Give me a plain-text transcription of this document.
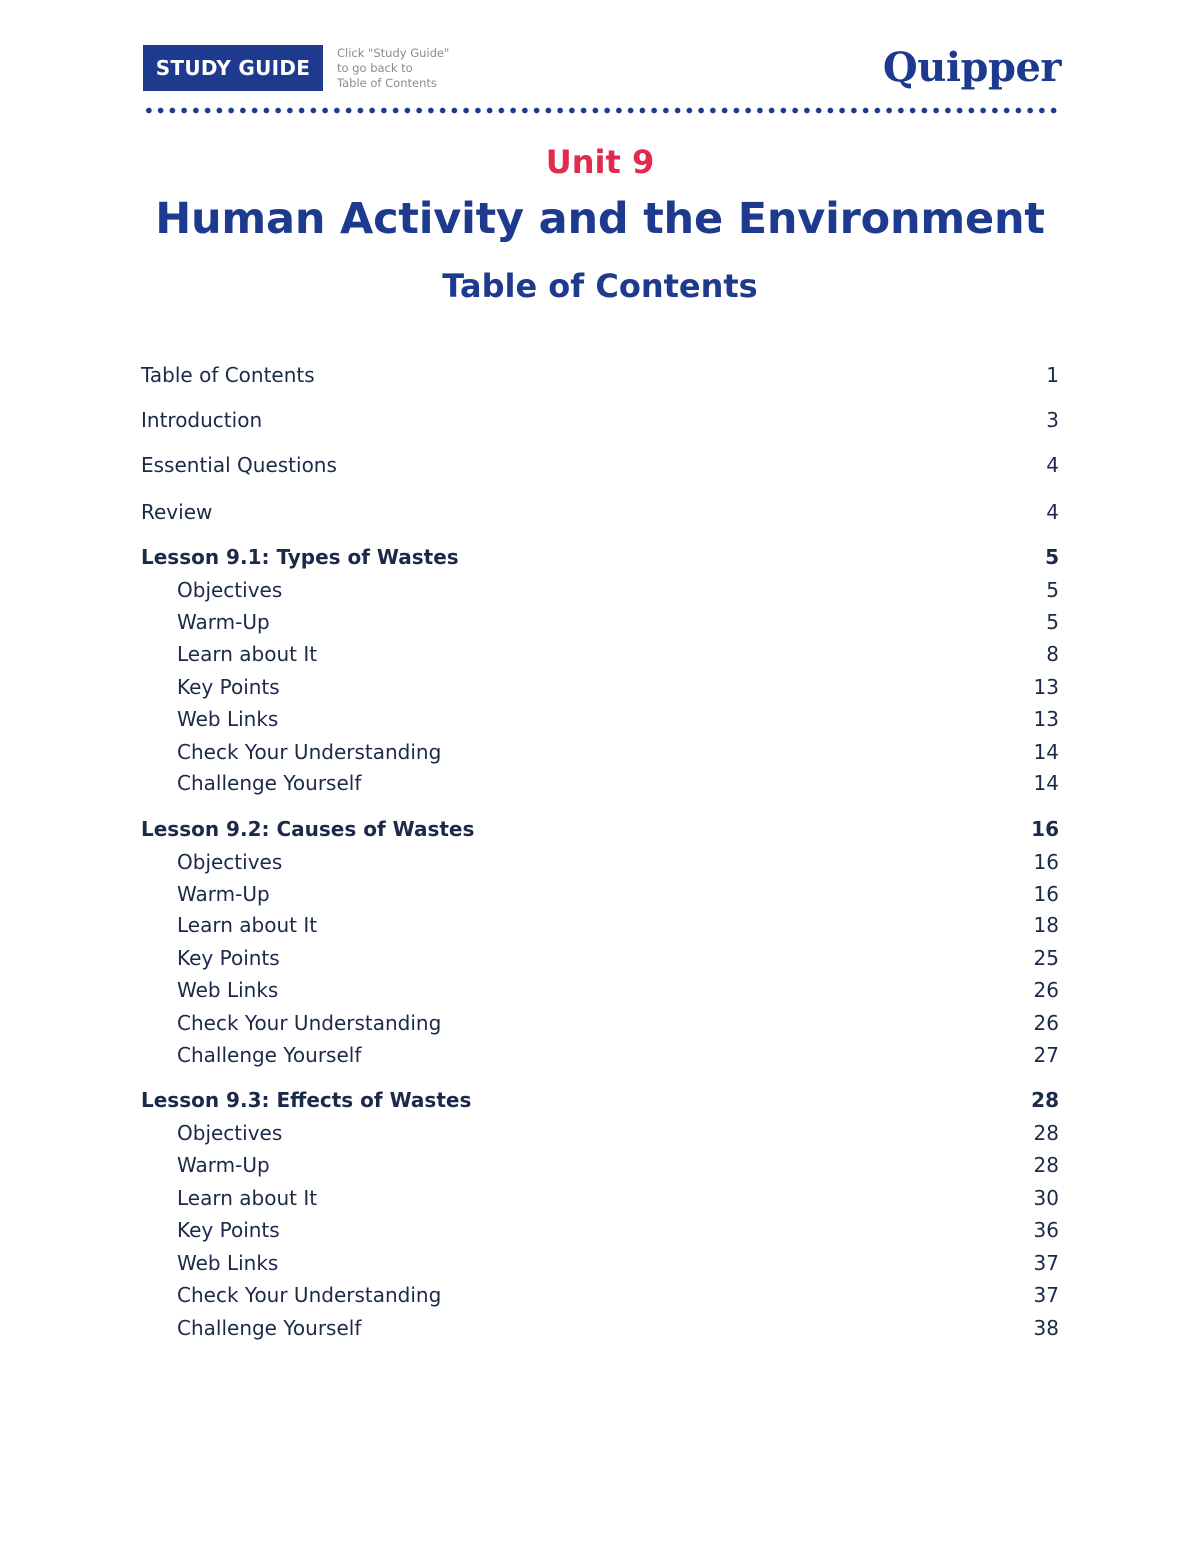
STUDY GUIDE
Click "Study Guide"
to go back to
Table of Contents	Quipper
Unit 9
Human Activity and the Environment
Table of Contents
Table of Contents	1
Introduction	3
Essential Questions	4
Review	4
Lesson 9.1: Types of Wastes	5
Objectives	5
Warm-Up	5
Learn about It	8
Key Points	13
Web Links	13
Check Your Understanding	14
Challenge Yourself	14
Lesson 9.2: Causes of Wastes	16
Objectives	16
Warm-Up	16
Learn about It	18
Key Points	25
Web Links	26
Check Your Understanding	26
Challenge Yourself	27
Lesson 9.3: Effects of Wastes	28
Objectives	28
Warm-Up	28
Learn about It	30
Key Points	36
Web Links	37
Check Your Understanding	37
Challenge Yourself	38
